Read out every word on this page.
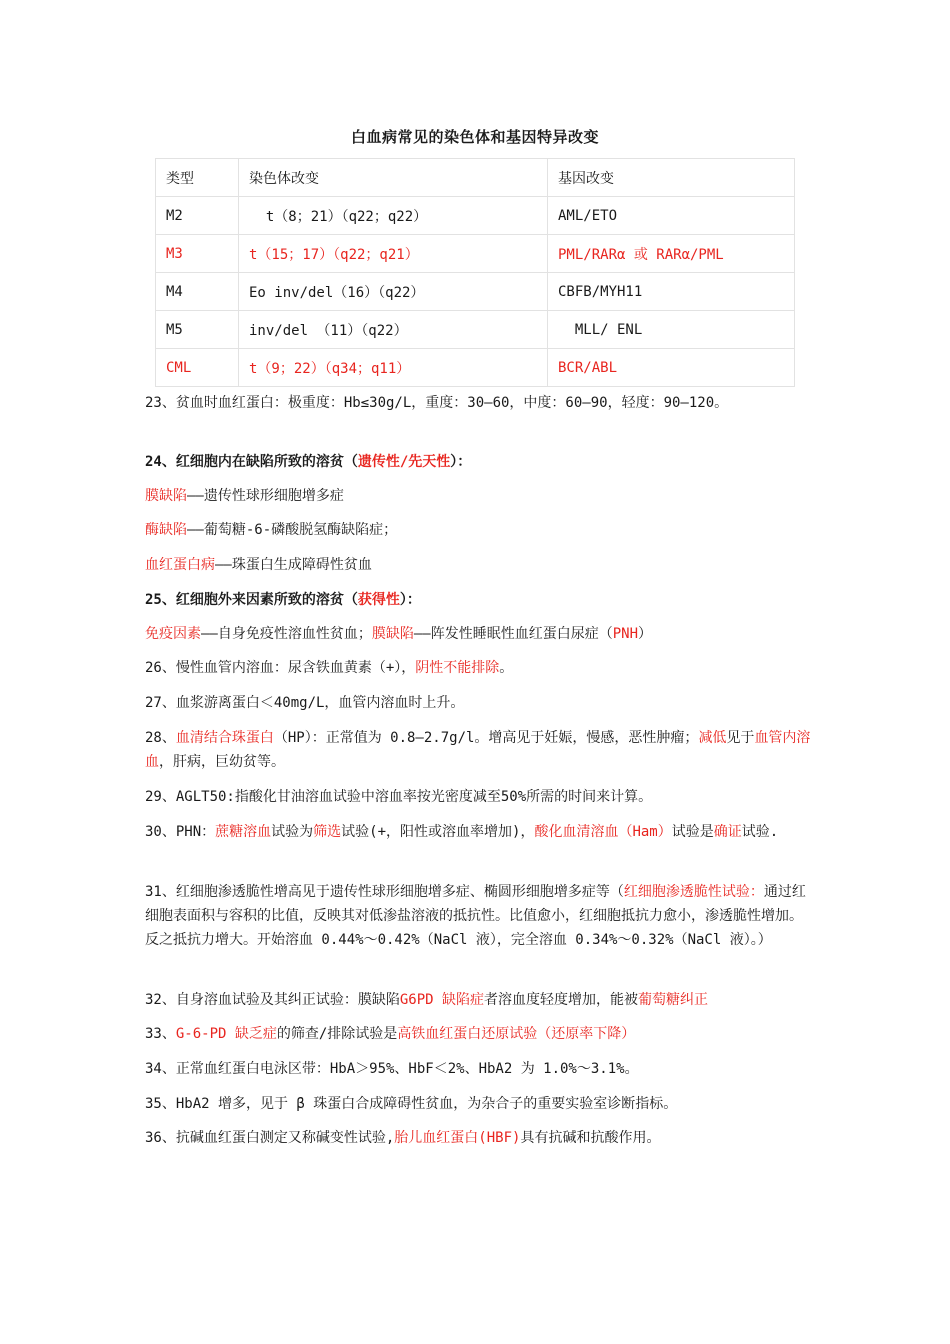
白血病常见的染色体和基因特异改变
类型	染色体改变	基因改变
M2	t（8；21）（q22；q22）	AML/ETO
M3	t（15；17）（q22；q21）	PML/RARα 或 RARα/PML
M4	Eo inv/del（16）（q22）	CBFB/MYH11
M5	inv/del （11）（q22）	MLL/ ENL
CML	t（9；22）（q34；q11）	BCR/ABL
23、贫血时血红蛋白：极重度：Hb≤30g/L，重度：30—60，中度：60—90，轻度：90—120。
24、红细胞内在缺陷所致的溶贫（遗传性/先天性）：
膜缺陷——遗传性球形细胞增多症
酶缺陷——葡萄糖-6-磷酸脱氢酶缺陷症；
血红蛋白病——珠蛋白生成障碍性贫血
25、红细胞外来因素所致的溶贫（获得性）：
免疫因素——自身免疫性溶血性贫血；膜缺陷——阵发性睡眠性血红蛋白尿症（PNH）
26、慢性血管内溶血：尿含铁血黄素（+），阴性不能排除。
27、血浆游离蛋白＜40mg/L，血管内溶血时上升。
28、血清结合珠蛋白（HP）：正常值为 0.8—2.7g/l。增高见于妊娠，慢感，恶性肿瘤；减低见于血管内溶血，肝病，巨幼贫等。
29、AGLT50:指酸化甘油溶血试验中溶血率按光密度减至50%所需的时间来计算。
30、PHN：蔗糖溶血试验为筛选试验(+，阳性或溶血率增加)，酸化血清溶血（Ham）试验是确证试验.
31、红细胞渗透脆性增高见于遗传性球形细胞增多症、椭圆形细胞增多症等（红细胞渗透脆性试验：通过红细胞表面积与容积的比值，反映其对低渗盐溶液的抵抗性。比值愈小，红细胞抵抗力愈小，渗透脆性增加。反之抵抗力增大。开始溶血 0.44%～0.42%（NaCl 液），完全溶血 0.34%～0.32%（NaCl 液）。）
32、自身溶血试验及其纠正试验：膜缺陷G6PD 缺陷症者溶血度轻度增加，能被葡萄糖纠正
33、G-6-PD 缺乏症的筛查/排除试验是高铁血红蛋白还原试验（还原率下降）
34、正常血红蛋白电泳区带：HbA＞95%、HbF＜2%、HbA2 为 1.0%～3.1%。
35、HbA2 增多，见于 β 珠蛋白合成障碍性贫血，为杂合子的重要实验室诊断指标。
36、抗碱血红蛋白测定又称碱变性试验,胎儿血红蛋白(HBF)具有抗碱和抗酸作用。
